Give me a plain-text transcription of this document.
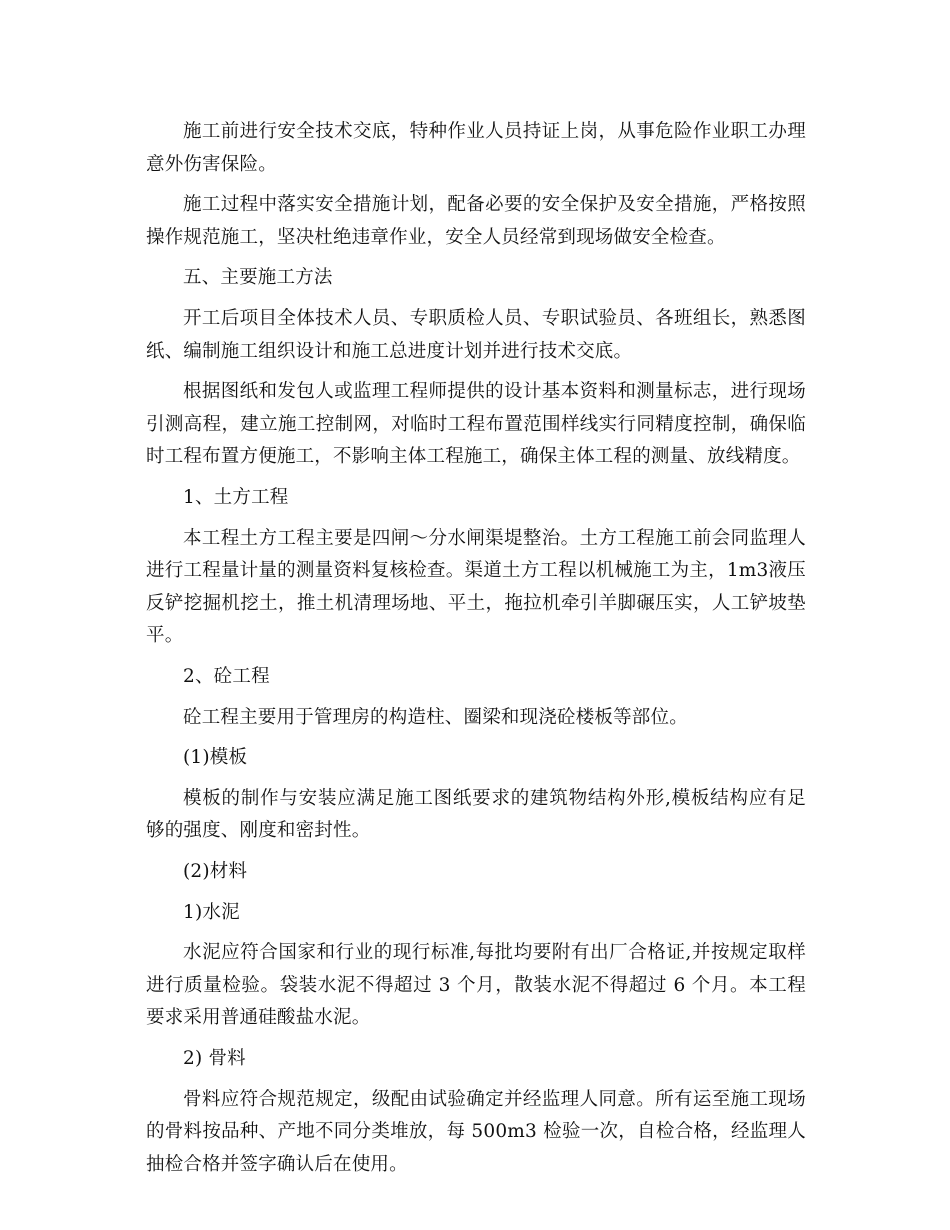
施工前进行安全技术交底，特种作业人员持证上岗，从事危险作业职工办理意外伤害保险。

施工过程中落实安全措施计划，配备必要的安全保护及安全措施，严格按照操作规范施工，坚决杜绝违章作业，安全人员经常到现场做安全检查。

五、主要施工方法

开工后项目全体技术人员、专职质检人员、专职试验员、各班组长，熟悉图纸、编制施工组织设计和施工总进度计划并进行技术交底。

根据图纸和发包人或监理工程师提供的设计基本资料和测量标志，进行现场引测高程，建立施工控制网，对临时工程布置范围样线实行同精度控制，确保临时工程布置方便施工，不影响主体工程施工，确保主体工程的测量、放线精度。

1、土方工程

本工程土方工程主要是四闸～分水闸渠堤整治。土方工程施工前会同监理人进行工程量计量的测量资料复核检查。渠道土方工程以机械施工为主，1m3液压反铲挖掘机挖土，推土机清理场地、平土，拖拉机牵引羊脚碾压实，人工铲坡垫平。

2、砼工程

砼工程主要用于管理房的构造柱、圈梁和现浇砼楼板等部位。

(1)模板

模板的制作与安装应满足施工图纸要求的建筑物结构外形,模板结构应有足够的强度、刚度和密封性。

(2)材料

1)水泥

水泥应符合国家和行业的现行标准,每批均要附有出厂合格证,并按规定取样进行质量检验。袋装水泥不得超过 3 个月，散装水泥不得超过 6 个月。本工程要求采用普通硅酸盐水泥。

2) 骨料

骨料应符合规范规定，级配由试验确定并经监理人同意。所有运至施工现场的骨料按品种、产地不同分类堆放，每 500m3 检验一次，自检合格，经监理人抽检合格并签字确认后在使用。
